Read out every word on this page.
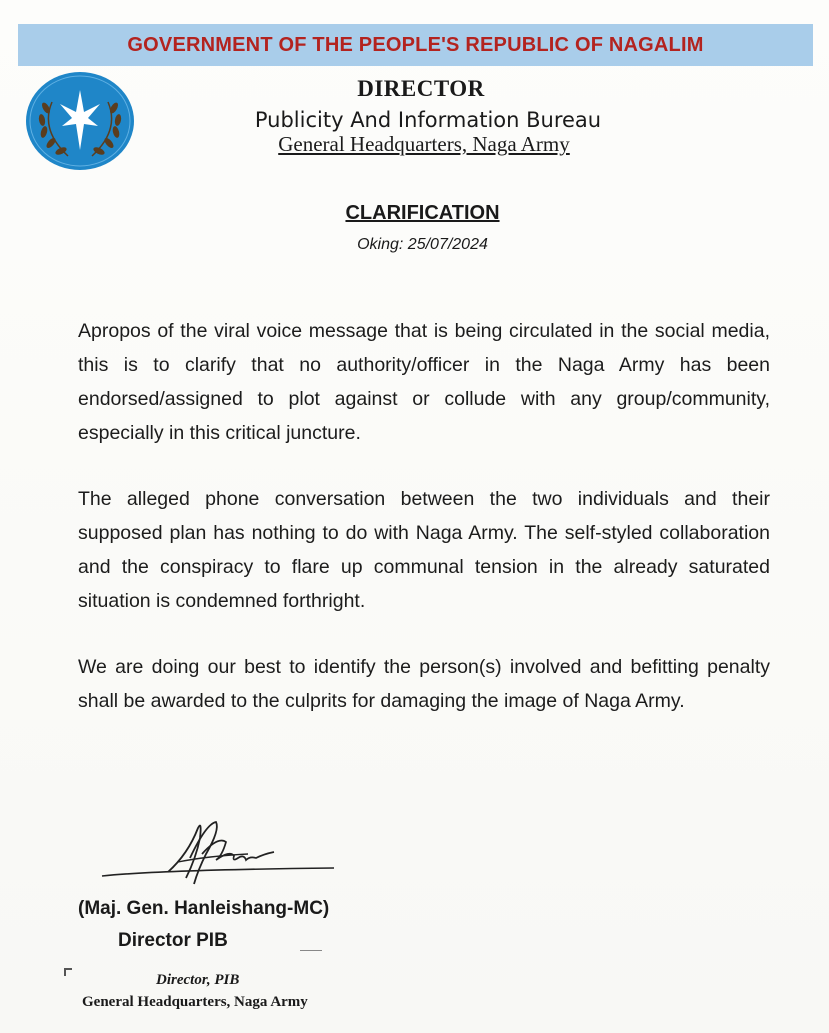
GOVERNMENT OF THE PEOPLE'S REPUBLIC OF NAGALIM
DIRECTOR
Publicity And Information Bureau
General Headquarters, Naga Army
CLARIFICATION
Oking: 25/07/2024
Apropos of the viral voice message that is being circulated in the social media, this is to clarify that no authority/officer in the Naga Army has been endorsed/assigned to plot against or collude with any group/community, especially in this critical juncture.
The alleged phone conversation between the two individuals and their supposed plan has nothing to do with Naga Army. The self-styled collaboration and the conspiracy to flare up communal tension in the already saturated situation is condemned forthright.
We are doing our best to identify the person(s) involved and befitting penalty shall be awarded to the culprits for damaging the image of Naga Army.
(Maj. Gen. Hanleishang-MC)
Director PIB
Director, PIB
General Headquarters, Naga Army
